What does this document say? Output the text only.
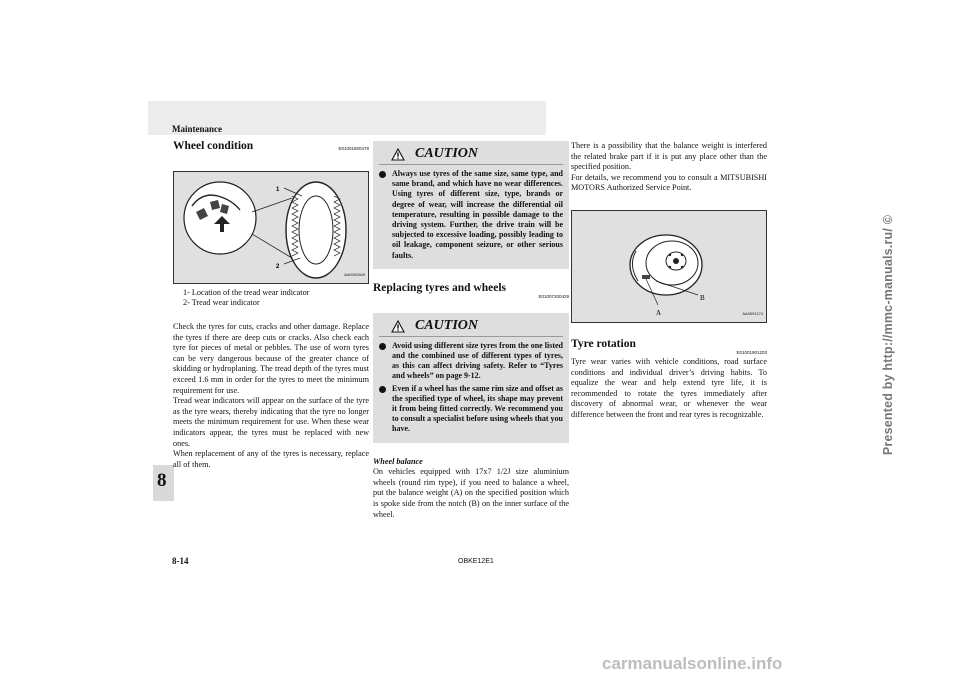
Maintenance
8
Wheel condition	E01001800478
1
2
AA0002849
1- Location of the tread wear indicator
2- Tread wear indicator

Check the tyres for cuts, cracks and other damage. Replace the tyres if there are deep cuts or cracks. Also check each tyre for pieces of metal or pebbles. The use of worn tyres can be very dangerous because of the greater chance of skidding or hydroplaning. The tread depth of the tyres must exceed 1.6 mm in order for the tyres to meet the minimum requirement for use.

Tread wear indicators will appear on the surface of the tyre as the tyre wears, thereby indicating that the tyre no longer meets the minimum requirement for use. When these wear indicators appear, the tyres must be replaced with new ones.

When replacement of any of the tyres is necessary, replace all of them.

CAUTION

Always use tyres of the same size, same type, and same brand, and which have no wear differences. Using tyres of different size, type, brands or degree of wear, will increase the differential oil temperature, resulting in possible damage to the driving system. Further, the drive train will be subjected to excessive loading, possibly leading to oil leakage, component seizure, or other serious faults.

Replacing tyres and wheels
E01007200429
CAUTION

Avoid using different size tyres from the one listed and the combined use of different types of tyres, as this can affect driving safety. Refer to “Tyres and wheels” on page 9-12.

Even if a wheel has the same rim size and offset as the specified type of wheel, its shape may prevent it from being fitted correctly. We recommend you to consult a specialist before using wheels that you have.

Wheel balance

On vehicles equipped with 17x7 1/2J size aluminium wheels (round rim type), if you need to balance a wheel, put the balance weight (A) on the specified position which is spoke side from the notch (B) on the inner surface of the wheel.

There is a possibility that the balance weight is interfered the related brake part if it is put any place other than the specified position.

For details, we recommend you to consult a MITSUBISHI MOTORS Authorized Service Point.

A
B
AA0091174
Tyre rotation
E01001901203

Tyre wear varies with vehicle conditions, road surface conditions and individual driver’s driving habits. To equalize the wear and help extend tyre life, it is recommended to rotate the tyres immediately after discovery of abnormal wear, or whenever the wear difference between the front and rear tyres is recognizable.

8-14	OBKE12E1
Presented by http://mmc-manuals.ru/ ©
carmanualsonline.info
